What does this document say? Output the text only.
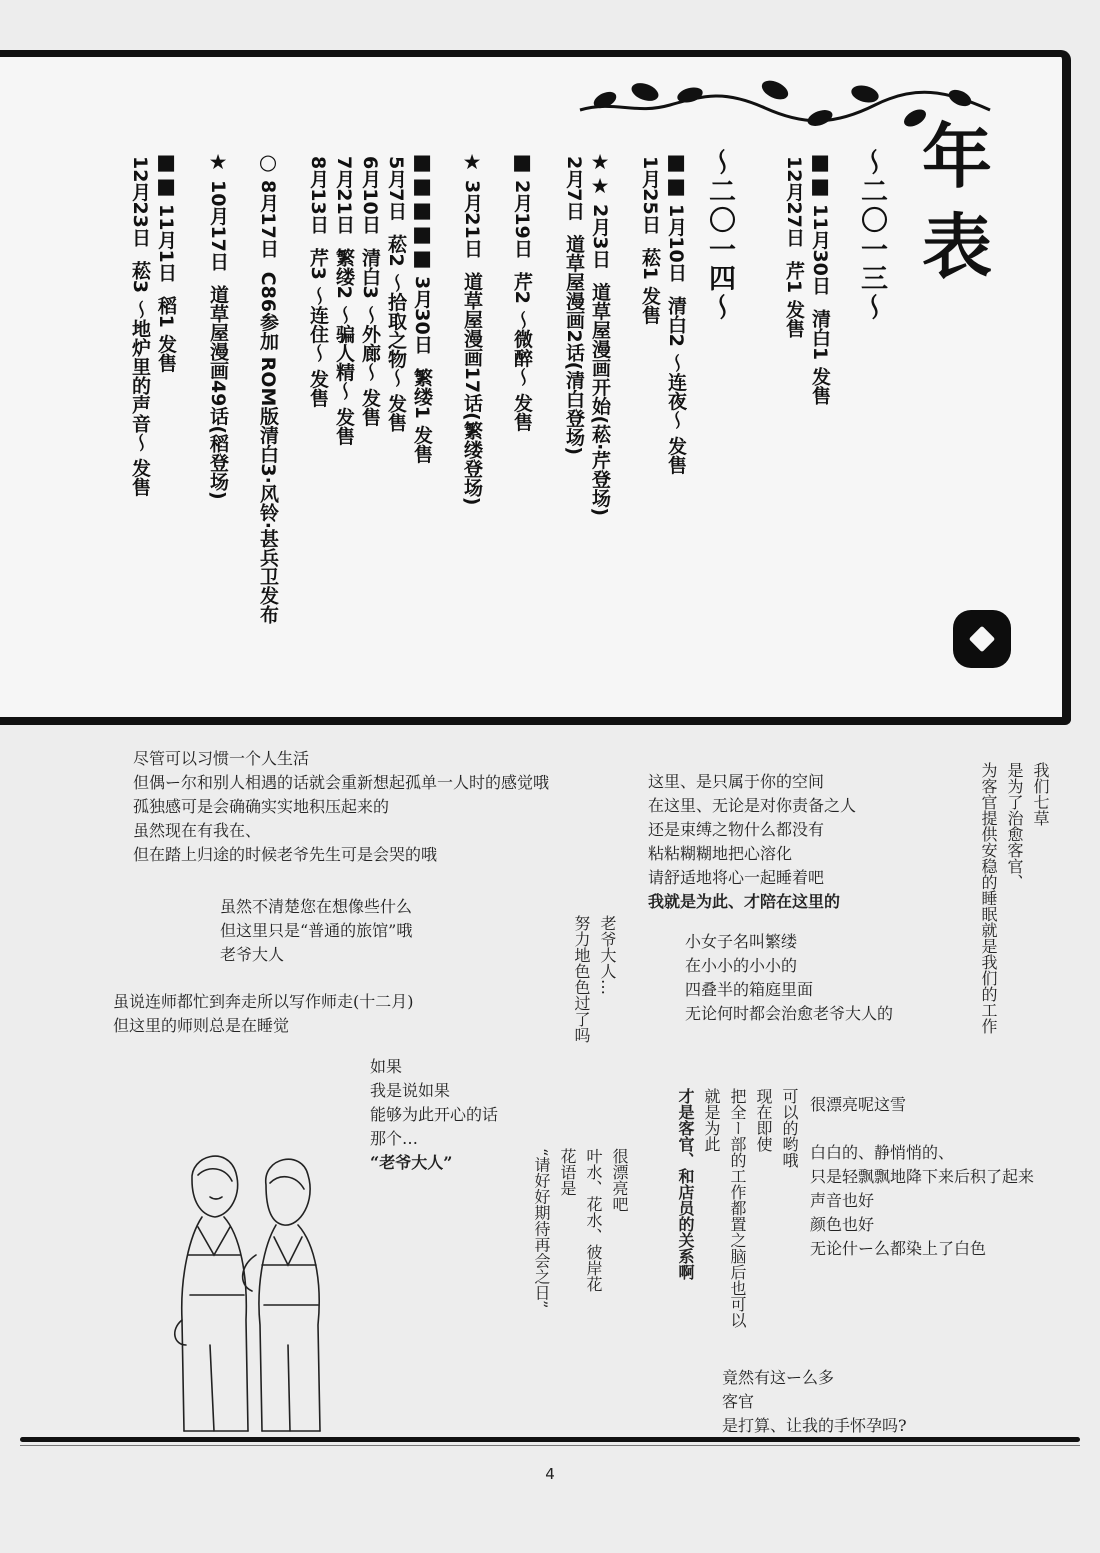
年
表
～二〇一三～
～二〇一四～	■■11月30日清白1 发售
12月27日芹1 发售
■■1月10日清白2 ～连夜～ 发售
1月25日菘1 发售
★★2月3日道草屋漫画开始(菘·芹登场)
2月7日道草屋漫画2话(清白登场)
■2月19日芹2 ～微醉～ 发售
★3月21日道草屋漫画17话(繁缕登场)
■■■■■3月30日繁缕1 发售
5月7日菘2 ～拾取之物～ 发售
6月10日清白3 ～外廊～ 发售
7月21日繁缕2 ～骗人精～ 发售
8月13日芹3 ～连住～ 发售
○8月17日C86参加 ROM版清白3·风铃·甚兵卫发布
★10月17日道草屋漫画49话(稻登场)
■■11月1日稻1 发售
12月23日菘3 ～地炉里的声音～ 发售
尽管可以习惯一个人生活
但偶ー尔和别人相遇的话就会重新想起孤单一人时的感觉哦
孤独感可是会确确实实地积压起来的
虽然现在有我在、
但在踏上归途的时候老爷先生可是会哭的哦
虽然不清楚您在想像些什么
但这里只是“普通的旅馆”哦
老爷大人
虽说连师都忙到奔走所以写作师走(十二月)
但这里的师则总是在睡觉
如果
我是说如果
能够为此开心的话
那个…
“老爷大人”
这里、是只属于你的空间
在这里、无论是对你责备之人
还是束缚之物什么都没有
粘粘糊糊地把心溶化
请舒适地将心一起睡着吧
我就是为此、才陪在这里的
小女子名叫繁缕
在小小的小小的
四叠半的箱庭里面
无论何时都会治愈老爷大人的
很漂亮呢这雪
白白的、静悄悄的、
只是轻飘飘地降下来后积了起来
声音也好
颜色也好
无论什ー么都染上了白色
竟然有这ー么多
客官
是打算、让我的手怀孕吗?
我们七草
是为了治愈客官、
为客官提供安稳的睡眠就是我们的工作
老爷大人…
努力地色色过了吗
很漂亮吧
叶水、花水、彼岸花
花语是
“请好好期待再会之日”
可以的哟哦
现在即使
把全ー部的工作都置之脑后也可以
就是为此
才是客官、和店员的关系啊
4
